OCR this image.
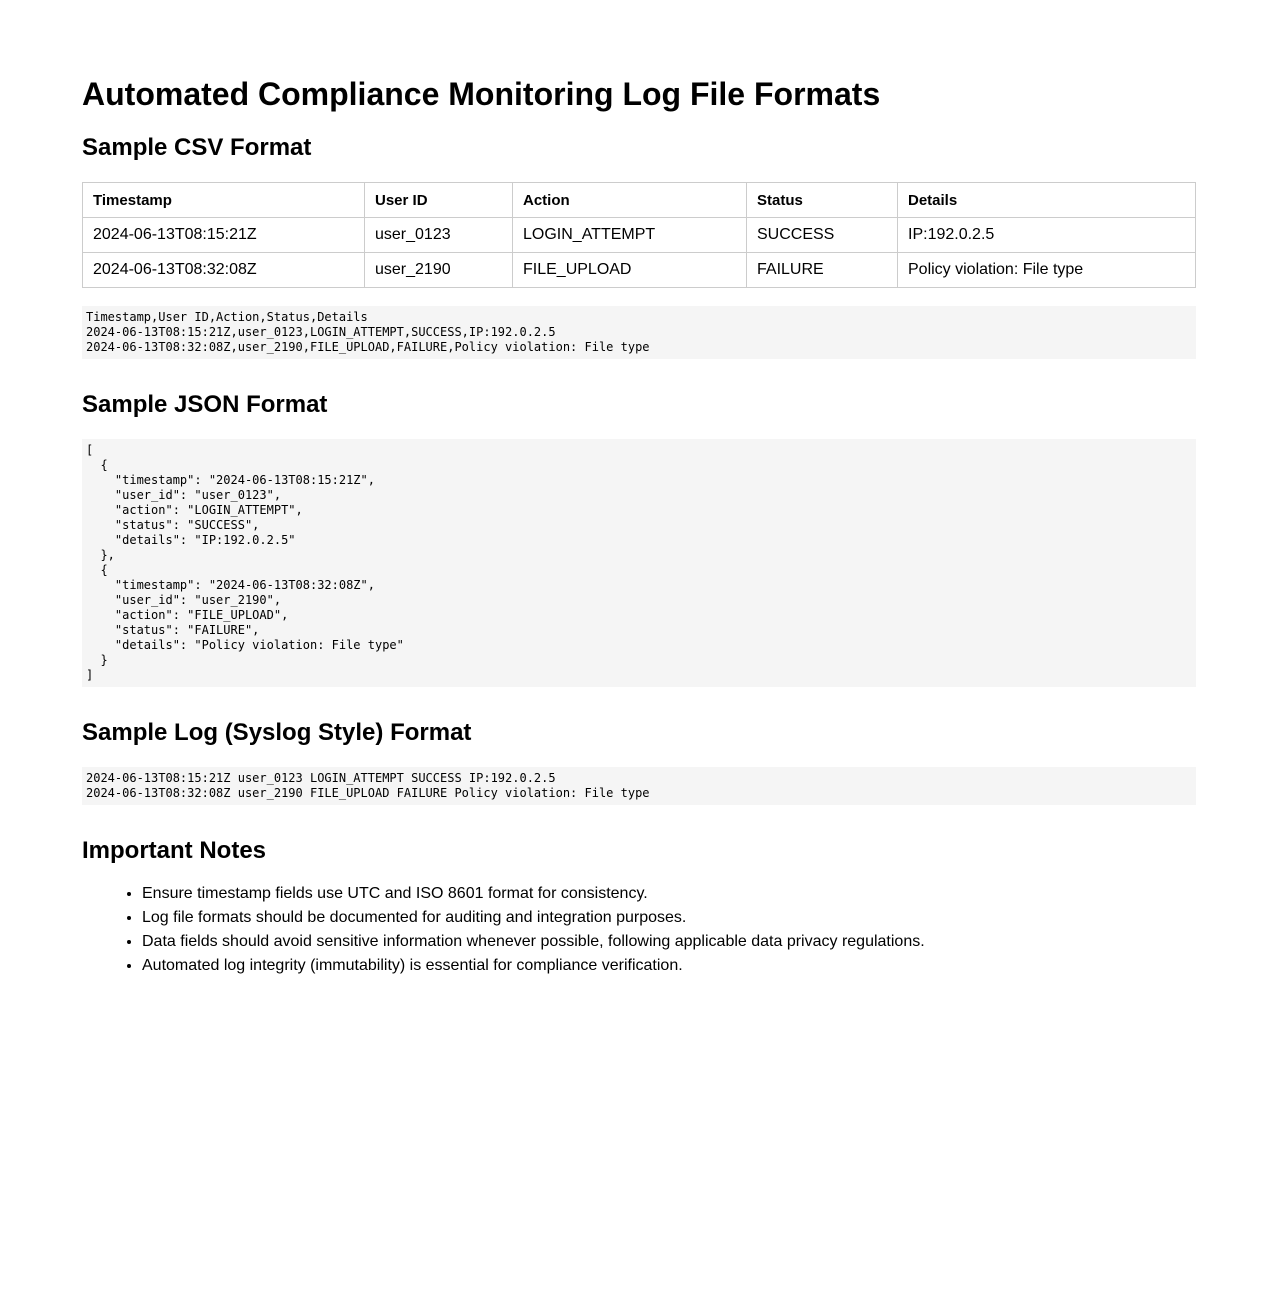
Automated Compliance Monitoring Log File Formats
Sample CSV Format
Timestamp	User ID	Action	Status	Details
2024-06-13T08:15:21Z	user_0123	LOGIN_ATTEMPT	SUCCESS	IP:192.0.2.5
2024-06-13T08:32:08Z	user_2190	FILE_UPLOAD	FAILURE	Policy violation: File type
Timestamp,User ID,Action,Status,Details
2024-06-13T08:15:21Z,user_0123,LOGIN_ATTEMPT,SUCCESS,IP:192.0.2.5
2024-06-13T08:32:08Z,user_2190,FILE_UPLOAD,FAILURE,Policy violation: File type
Sample JSON Format
[
{
"timestamp": "2024-06-13T08:15:21Z",
"user_id": "user_0123",
"action": "LOGIN_ATTEMPT",
"status": "SUCCESS",
"details": "IP:192.0.2.5"
},
{
"timestamp": "2024-06-13T08:32:08Z",
"user_id": "user_2190",
"action": "FILE_UPLOAD",
"status": "FAILURE",
"details": "Policy violation: File type"
}
]
Sample Log (Syslog Style) Format
2024-06-13T08:15:21Z user_0123 LOGIN_ATTEMPT SUCCESS IP:192.0.2.5
2024-06-13T08:32:08Z user_2190 FILE_UPLOAD FAILURE Policy violation: File type
Important Notes
• Ensure timestamp fields use UTC and ISO 8601 format for consistency.
• Log file formats should be documented for auditing and integration purposes.
• Data fields should avoid sensitive information whenever possible, following applicable data privacy regulations.
• Automated log integrity (immutability) is essential for compliance verification.
